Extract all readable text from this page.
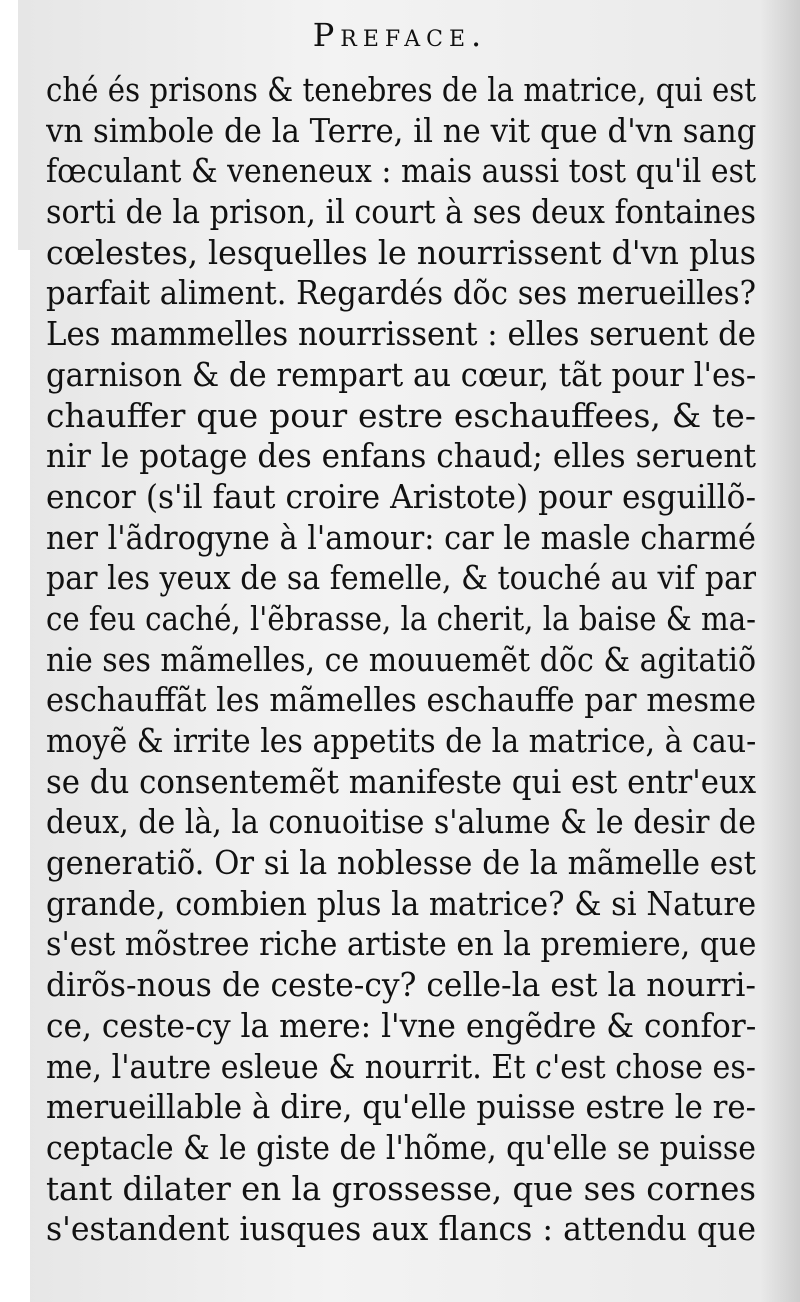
Preface.
ché és prisons & tenebres de la matrice, qui est
vn simbole de la Terre, il ne vit que d'vn sang
fœculant & veneneux : mais aussi tost qu'il est
sorti de la prison, il court à ses deux fontaines
cœlestes, lesquelles le nourrissent d'vn plus
parfait aliment. Regardés dõc ses merueilles?
Les mammelles nourrissent : elles seruent de
garnison & de rempart au cœur, tãt pour l'es-
chauffer que pour estre eschauffees, & te-
nir le potage des enfans chaud; elles seruent
encor (s'il faut croire Aristote) pour esguillõ-
ner l'ãdrogyne à l'amour: car le masle charmé
par les yeux de sa femelle, & touché au vif par
ce feu caché, l'ẽbrasse, la cherit, la baise & ma-
nie ses mãmelles, ce mouuemẽt dõc & agitatiõ
eschauffãt les mãmelles eschauffe par mesme
moyẽ & irrite les appetits de la matrice, à cau-
se du consentemẽt manifeste qui est entr'eux
deux, de là, la conuoitise s'alume & le desir de
generatiõ. Or si la noblesse de la mãmelle est
grande, combien plus la matrice? & si Nature
s'est mõstree riche artiste en la premiere, que
dirõs-nous de ceste-cy? celle-la est la nourri-
ce, ceste-cy la mere: l'vne engẽdre & confor-
me, l'autre esleue & nourrit. Et c'est chose es-
merueillable à dire, qu'elle puisse estre le re-
ceptacle & le giste de l'hõme, qu'elle se puisse
tant dilater en la grossesse, que ses cornes
s'estandent iusques aux flancs : attendu que
